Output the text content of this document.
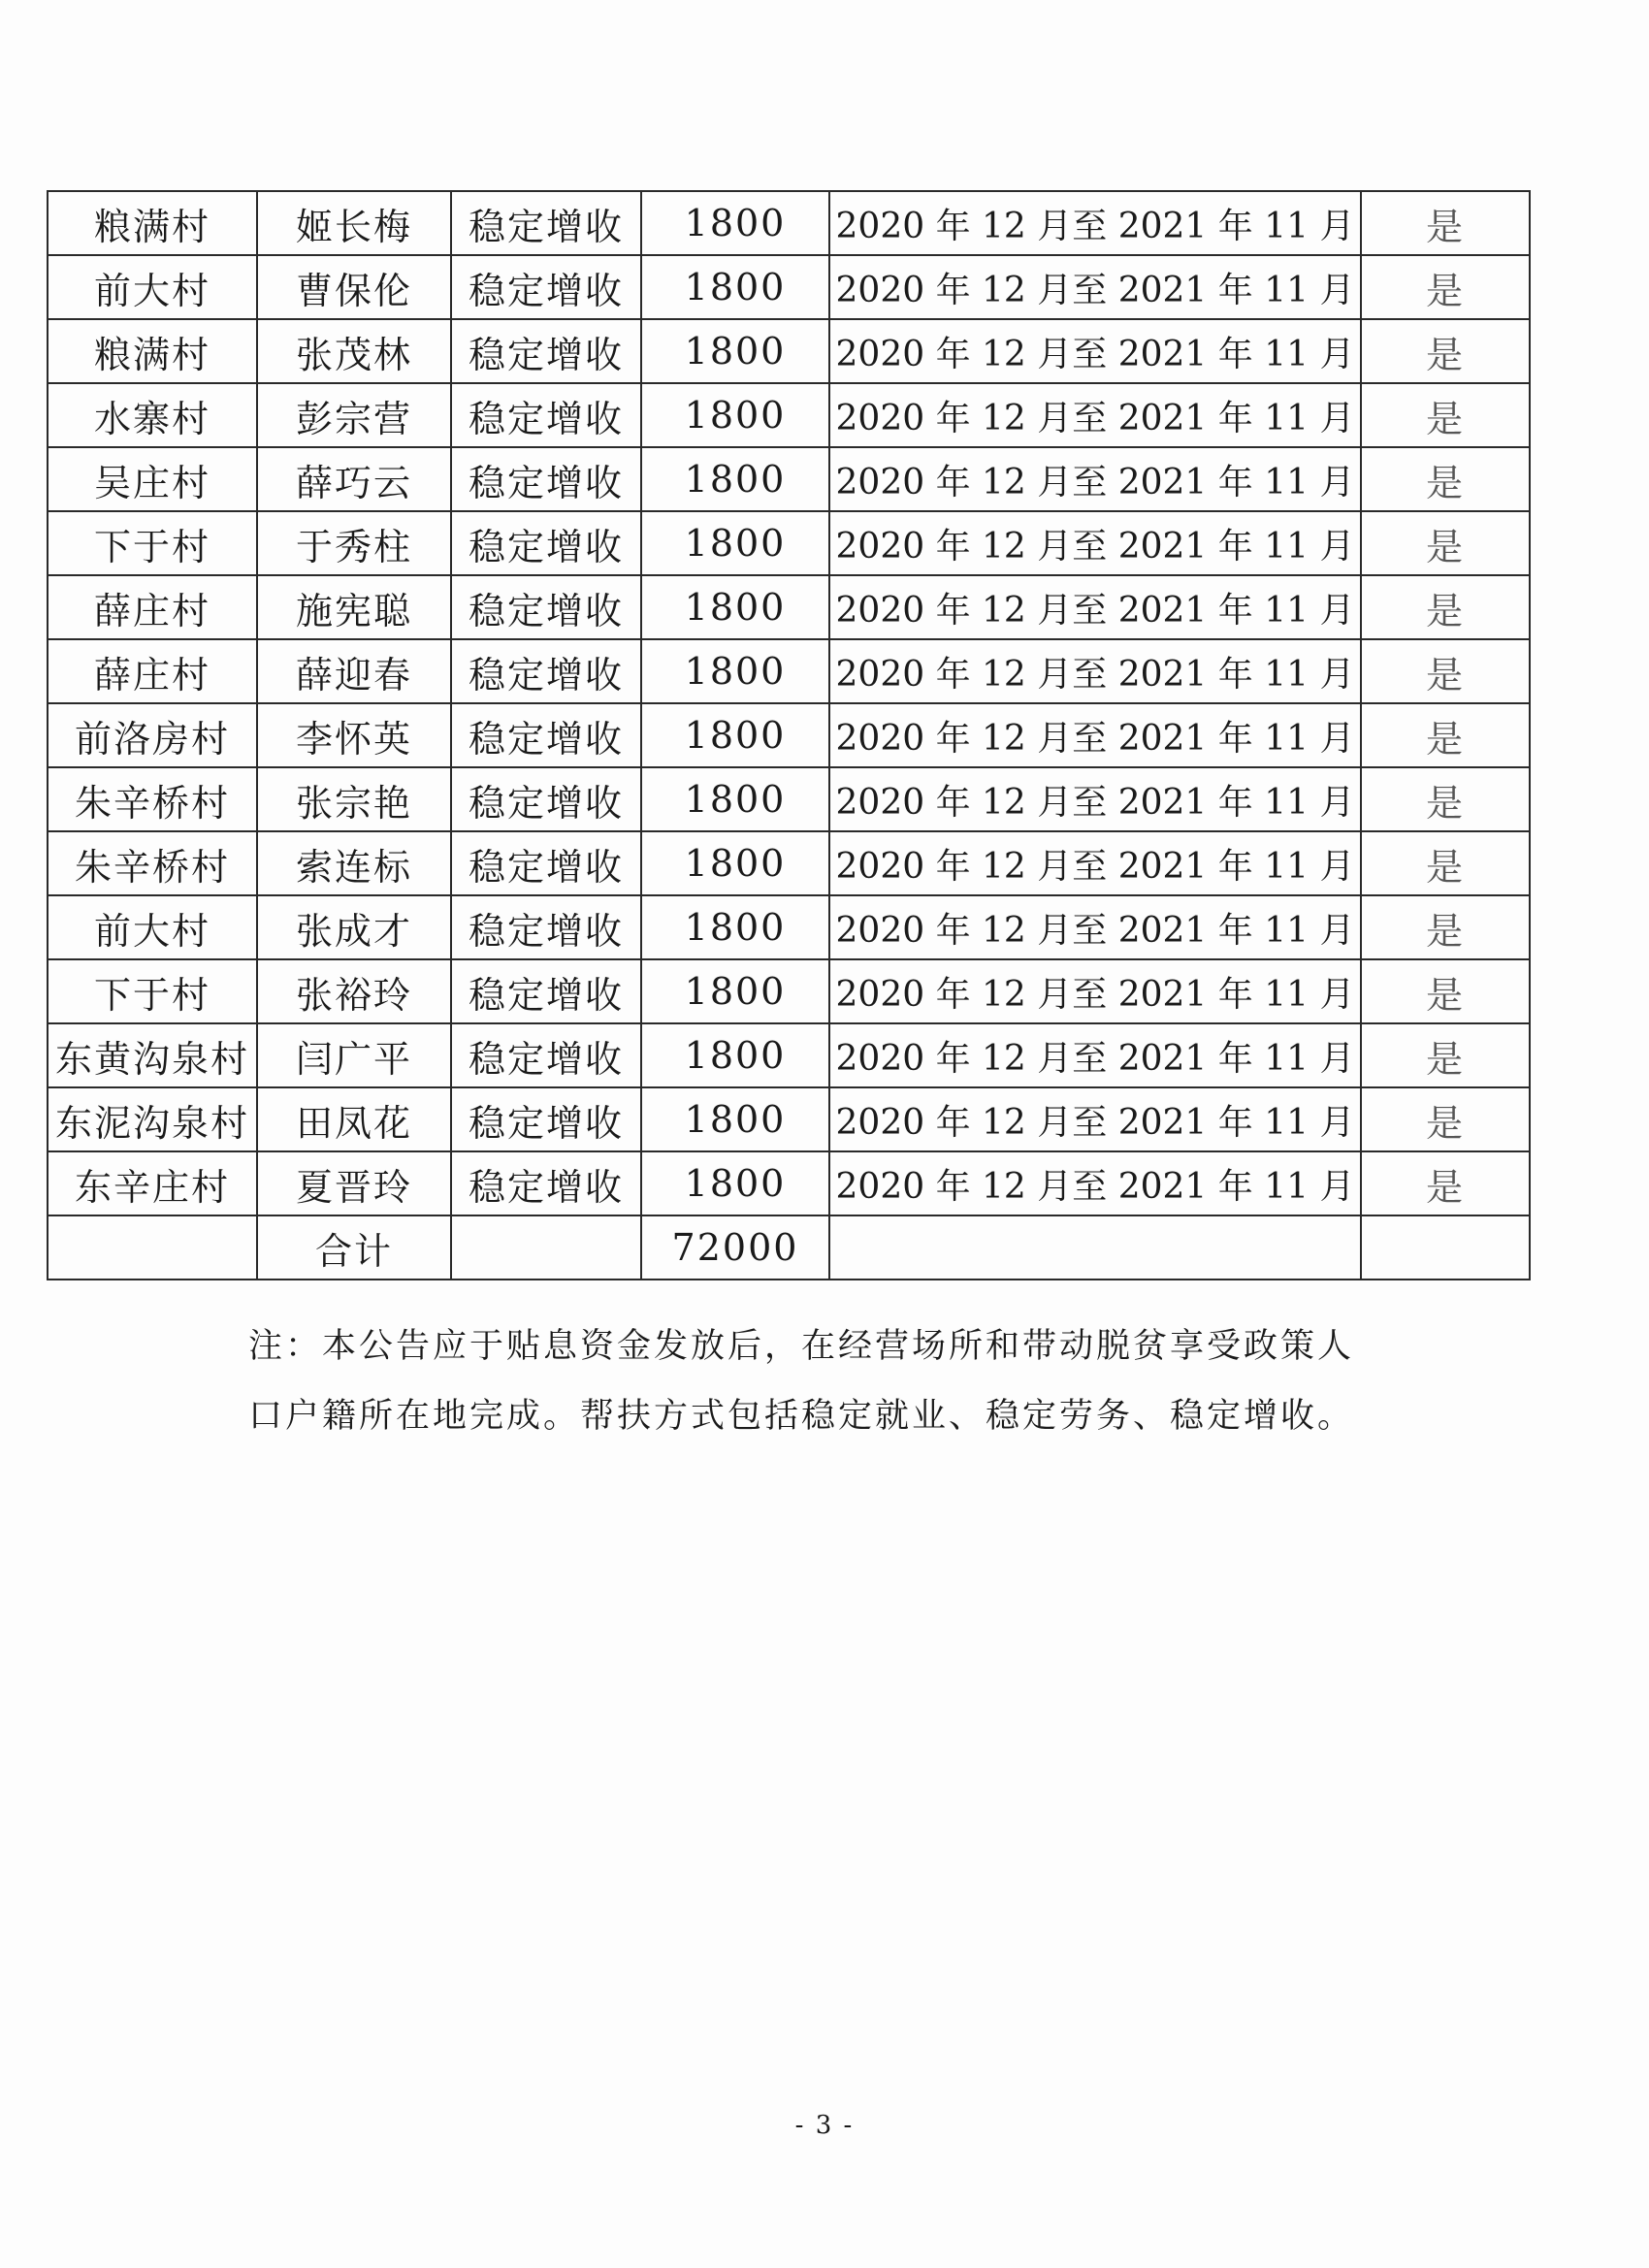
粮满村	姬长梅	稳定增收	1800	2020 年 12 月至 2021 年 11 月	是
前大村	曹保伦	稳定增收	1800	2020 年 12 月至 2021 年 11 月	是
粮满村	张茂林	稳定增收	1800	2020 年 12 月至 2021 年 11 月	是
水寨村	彭宗营	稳定增收	1800	2020 年 12 月至 2021 年 11 月	是
吴庄村	薛巧云	稳定增收	1800	2020 年 12 月至 2021 年 11 月	是
下于村	于秀柱	稳定增收	1800	2020 年 12 月至 2021 年 11 月	是
薛庄村	施宪聪	稳定增收	1800	2020 年 12 月至 2021 年 11 月	是
薛庄村	薛迎春	稳定增收	1800	2020 年 12 月至 2021 年 11 月	是
前洛房村	李怀英	稳定增收	1800	2020 年 12 月至 2021 年 11 月	是
朱辛桥村	张宗艳	稳定增收	1800	2020 年 12 月至 2021 年 11 月	是
朱辛桥村	索连标	稳定增收	1800	2020 年 12 月至 2021 年 11 月	是
前大村	张成才	稳定增收	1800	2020 年 12 月至 2021 年 11 月	是
下于村	张裕玲	稳定增收	1800	2020 年 12 月至 2021 年 11 月	是
东黄沟泉村	闫广平	稳定增收	1800	2020 年 12 月至 2021 年 11 月	是
东泥沟泉村	田凤花	稳定增收	1800	2020 年 12 月至 2021 年 11 月	是
东辛庄村	夏晋玲	稳定增收	1800	2020 年 12 月至 2021 年 11 月	是
	合计		72000		

注：本公告应于贴息资金发放后，在经营场所和带动脱贫享受政策人

口户籍所在地完成。帮扶方式包括稳定就业、稳定劳务、稳定增收。

- 3 -
